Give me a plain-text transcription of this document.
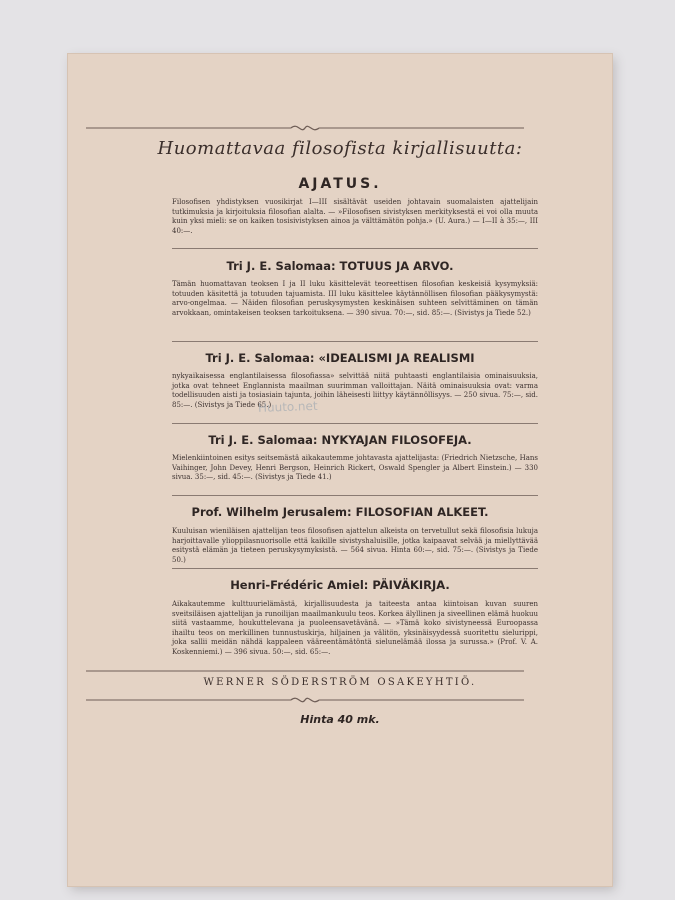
Huomattavaa filosofista kirjallisuutta:
AJATUS.

Filosofisen yhdistyksen vuosikirjat I—III sisältävät useiden johtavain suomalaisten ajattelijain tutkimuksia ja kirjoituksia filosofian alalta. — »Filosofisen sivistyksen merkityksestä ei voi olla muuta kuin yksi mieli: se on kaiken tosisivistyksen ainoa ja välttämätön pohja.» (U. Aura.) — I—II à 35:—, III 40:—.

Tri J. E. Salomaa: TOTUUS JA ARVO.

Tämän huomattavan teoksen I ja II luku käsittelevät teoreettisen filosofian keskeisiä kysymyksiä: totuuden käsitettä ja totuuden tajuamista. III luku käsittelee käytännöllisen filosofian pääkysymystä: arvo-ongelmaa. — Näiden filosofian peruskysymysten keskinäisen suhteen selvittäminen on tämän arvokkaan, omintakeisen teoksen tarkoituksena. — 390 sivua. 70:—, sid. 85:—. (Sivistys ja Tiede 52.)

Tri J. E. Salomaa: «IDEALISMI JA REALISMI

nykyaikaisessa englantilaisessa filosofiassa» selvittää niitä puhtaasti englantilaisia ominaisuuksia, jotka ovat tehneet Englannista maailman suurimman valloittajan. Näitä ominaisuuksia ovat: varma todellisuuden aisti ja tosiasiain tajunta, joihin läheisesti liittyy käytännöllisyys. — 250 sivua. 75:—, sid. 85:—. (Sivistys ja Tiede 65.)

Tri J. E. Salomaa: NYKYAJAN FILOSOFEJA.

Mielenkiintoinen esitys seitsemästä aikakautemme johtavasta ajattelijasta: (Friedrich Nietzsche, Hans Vaihinger, John Devey, Henri Bergson, Heinrich Rickert, Oswald Spengler ja Albert Einstein.) — 330 sivua. 35:—, sid. 45:—. (Sivistys ja Tiede 41.)

Prof. Wilhelm Jerusalem: FILOSOFIAN ALKEET.

Kuuluisan wieniläisen ajattelijan teos filosofisen ajattelun alkeista on tervetullut sekä filosofisia lukuja harjoittavalle ylioppilasnuorisolle että kaikille sivistyshaluisille, jotka kaipaavat selvää ja miellyttävää esitystä elämän ja tieteen peruskysymyksistä. — 564 sivua. Hinta 60:—, sid. 75:—. (Sivistys ja Tiede 50.)

Henri-Frédéric Amiel: PÄIVÄKIRJA.

Aikakautemme kulttuurielämästä, kirjallisuudesta ja taiteesta antaa kiintoisan kuvan suuren sveitsiläisen ajattelijan ja runoilijan maailmankuulu teos. Korkea älyllinen ja siveellinen elämä huokuu siitä vastaamme, houkuttelevana ja puoleensavetävänä. — »Tämä koko sivistyneessä Euroopassa ihailtu teos on merkillinen tunnustuskirja, hiljainen ja välitön, yksinäisyydessä suoritettu sielurippi, joka sallii meidän nähdä kappaleen vääreentämätöntä sielunelämää ilossa ja surussa.» (Prof. V. A. Koskenniemi.) — 396 sivua. 50:—, sid. 65:—.

WERNER SÖDERSTRÖM OSAKEYHTIÖ.
Hinta 40 mk.
Huuto.net
